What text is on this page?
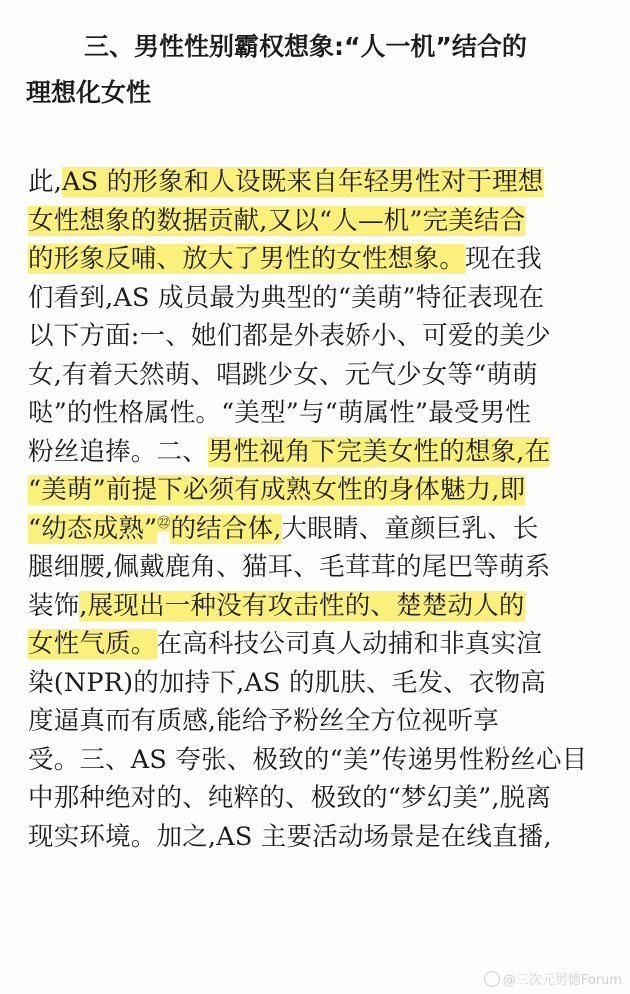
三、男性性别霸权想象:“人一机”结合的
理想化女性
此,AS 的形象和人设既来自年轻男性对于理想
女性想象的数据贡献,又以“人—机”完美结合
的形象反哺、放大了男性的女性想象。现在我
们看到,AS 成员最为典型的“美萌”特征表现在
以下方面:一、她们都是外表娇小、可爱的美少
女,有着天然萌、唱跳少女、元气少女等“萌萌
哒”的性格属性。“美型”与“萌属性”最受男性
粉丝追捧。二、男性视角下完美女性的想象,在
“美萌”前提下必须有成熟女性的身体魅力,即
“幼态成熟”$^㉒$的结合体,大眼睛、童颜巨乳、长
腿细腰,佩戴鹿角、猫耳、毛茸茸的尾巴等萌系
装饰,展现出一种没有攻击性的、楚楚动人的
女性气质。在高科技公司真人动捕和非真实渲
染(NPR)的加持下,AS 的肌肤、毛发、衣物高
度逼真而有质感,能给予粉丝全方位视听享
受。三、AS 夸张、极致的“美”传递男性粉丝心目
中那种绝对的、纯粹的、极致的“梦幻美”,脱离
现实环境。加之,AS 主要活动场景是在线直播,
@三次元男德Forum
